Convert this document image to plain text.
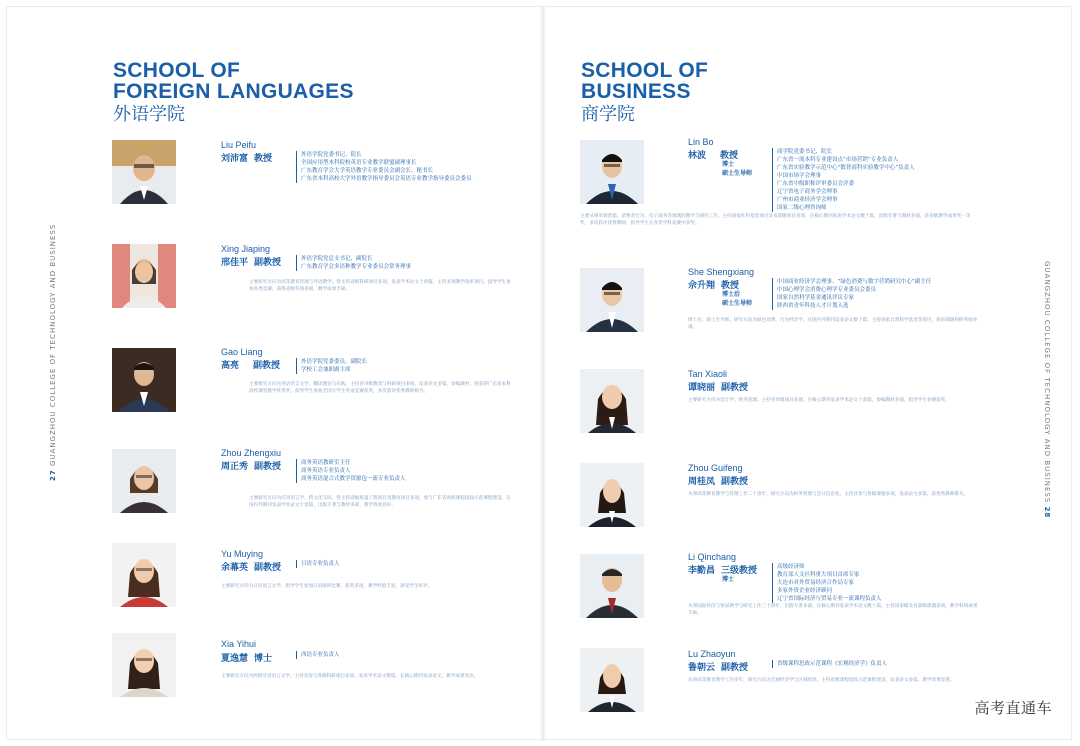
27 GUANGZHOU COLLEGE OF TECHNOLOGY AND BUSINESS
SCHOOL OF
FOREIGN LANGUAGES
外语学院
Liu Peifu
刘沛富 教授	外语学院党委书记、院长
全国应用型本科院校英语专业教学联盟副理事长
广东教育学会大学英语教学专业委员会副会长、秘书长
广东省本科高校大学外语教学指导委员会英语专业教学指导委员会委员
Xing Jiaping
邢佳平 副教授	外语学院党总支书记、副院长
广东教育学会多语种教学专业委员会常务理事
主要研究方向为高等教育管理与外语教学。曾主持省级科研项目多项，发表学术论文十余篇，主持多项教学改革项目。指导学生参加各类竞赛，获得省级奖项多项，教学成果丰硕。
Gao Liang
高亮 副教授	外语学院党委委员、副院长
学校工会兼职副主席
主要研究方向为英语语言文学、翻译理论与实践。主持省市级教改与科研项目多项，发表论文多篇，参编教材。曾获得广东省本科高校课堂教学优秀奖，指导学生参加全国大学生英语竞赛获奖，多次获评优秀教师称号。
Zhou Zhengxiu
周正秀 副教授	商务英语教研室主任
商务英语专业负责人
商务英语混合式教学资源包一流专业负责人
主要研究方向为应用语言学、跨文化交际。曾主持省级质量工程项目及教改项目多项，参与广东省高校课程思政示范课程建设。在国内外期刊发表学术论文十余篇，出版专著与教材多部，教学效果良好。
Yu Muying
余幕英 副教授	日语专业负责人
主要研究方向为日语语言文学。指导学生参加日语演讲比赛，获奖多项，教学经验丰富，深受学生好评。
Xia Yihui
夏逸慧 博士	西语专业负责人
主要研究方向为西班牙语语言文学。主持及参与各级科研项目多项，发表学术论文数篇，在核心期刊发表论文，教学成果突出。
GUANGZHOU COLLEGE OF TECHNOLOGY AND BUSINESS 28
SCHOOL OF
BUSINESS
商学院
Lin Bo
林波 教授
博士
硕士生导师
商学院党委书记、院长
广东省一流本科专业建设点“市场营销”专业负责人
广东省实验教学示范中心“数智商科实验教学中心”负责人
中国市场学会理事
广东省中级职称评审委员会评委
辽宁省电子商务学会理事
广州市商业经济学会理事
国家二级心理咨询师
主要从事市场营销、消费者行为、电子商务等领域的教学与研究工作。主持国家社科基金项目及省部级项目多项，在核心期刊发表学术论文数十篇，出版专著与教材多部，获省级教学成果奖一等奖，多次获评优秀教师，指导学生在各类学科竞赛中获奖。
She Shengxiang
佘升翔 教授
博士后
硕士生导师
中国商业经济学会理事、“绿色消费与数字营销研究中心”副主任
中国心理学会消费心理学专业委员会委员
国家自然科学基金通讯评议专家
陕西省青年科技人才计划入选
博士后、硕士生导师。研究方向为绿色消费、行为经济学。在国内外期刊发表论文数十篇，主持国家自然科学基金等项目，获省部级科研奖励多项。
Tan Xiaoli
谭晓丽 副教授
主要研究方向为会计学、财务管理。主持省市级项目多项，在核心期刊发表学术论文十余篇，参编教材多部，指导学生参赛获奖。
Zhou Guifeng
周桂凤 副教授
从事高等教育教学与管理工作二十余年，研究方向为财务管理与会计信息化。主持及参与各级课题多项，发表论文多篇，获优秀教师称号。
Li Qinchang
李勤昌 三级教授
博士
高级经济师
教育部人文社科重大项目首席专家
大连市对外贸易经济合作局专家
多家外资企业经济顾问
辽宁省国际经济与贸易专业一流课程负责人
从事国际经济与贸易教学与研究工作三十余年，出版专著多部，在核心期刊发表学术论文数十篇，主持国家级及省部级课题多项，教学科研成果丰硕。
Lu Zhaoyun
鲁朝云 副教授	省级课程思政示范课程《宏观经济学》负责人
从事高等教育教学工作多年，研究方向为宏观经济学与区域经济。主持省级课程思政示范课程建设，发表论文多篇，教学效果显著。
高考直通车
